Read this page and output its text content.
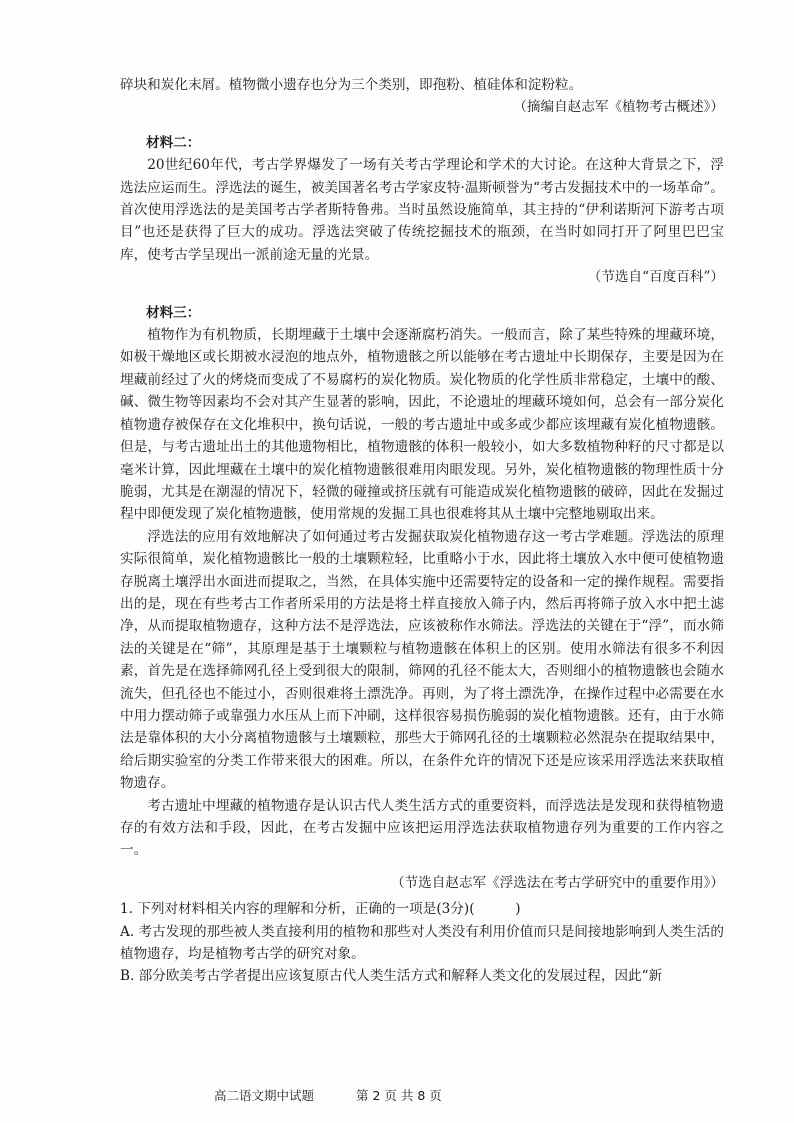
碎块和炭化末屑。植物微小遗存也分为三个类别，即孢粉、植硅体和淀粉粒。

（摘编自赵志军《植物考古概述》）

材料二：

20世纪60年代，考古学界爆发了一场有关考古学理论和学术的大讨论。在这种大背景之下，浮选法应运而生。浮选法的诞生，被美国著名考古学家皮特·温斯顿誉为“考古发掘技术中的一场革命”。首次使用浮选法的是美国考古学者斯特鲁弗。当时虽然设施简单，其主持的“伊利诺斯河下游考古项目”也还是获得了巨大的成功。浮选法突破了传统挖掘技术的瓶颈，在当时如同打开了阿里巴巴宝库，使考古学呈现出一派前途无量的光景。

（节选自“百度百科”）

材料三：

植物作为有机物质，长期埋藏于土壤中会逐渐腐朽消失。一般而言，除了某些特殊的埋藏环境，如极干燥地区或长期被水浸泡的地点外，植物遗骸之所以能够在考古遗址中长期保存，主要是因为在埋藏前经过了火的烤烧而变成了不易腐朽的炭化物质。炭化物质的化学性质非常稳定，土壤中的酸、碱、微生物等因素均不会对其产生显著的影响，因此，不论遗址的埋藏环境如何，总会有一部分炭化植物遗存被保存在文化堆积中，换句话说，一般的考古遗址中或多或少都应该埋藏有炭化植物遗骸。但是，与考古遗址出土的其他遗物相比，植物遗骸的体积一般较小，如大多数植物种籽的尺寸都是以毫米计算，因此埋藏在土壤中的炭化植物遗骸很难用肉眼发现。另外，炭化植物遗骸的物理性质十分脆弱，尤其是在潮湿的情况下，轻微的碰撞或挤压就有可能造成炭化植物遗骸的破碎，因此在发掘过程中即便发现了炭化植物遗骸，使用常规的发掘工具也很难将其从土壤中完整地剔取出来。

浮选法的应用有效地解决了如何通过考古发掘获取炭化植物遗存这一考古学难题。浮选法的原理实际很简单，炭化植物遗骸比一般的土壤颗粒轻，比重略小于水，因此将土壤放入水中便可使植物遗存脱离土壤浮出水面进而提取之，当然，在具体实施中还需要特定的设备和一定的操作规程。需要指出的是，现在有些考古工作者所采用的方法是将土样直接放入筛子内，然后再将筛子放入水中把土滤净，从而提取植物遗存，这种方法不是浮选法，应该被称作水筛法。浮选法的关键在于“浮”，而水筛法的关键是在“筛”，其原理是基于土壤颗粒与植物遗骸在体积上的区别。使用水筛法有很多不利因素，首先是在选择筛网孔径上受到很大的限制，筛网的孔径不能太大，否则细小的植物遗骸也会随水流失，但孔径也不能过小，否则很难将土漂洗净。再则，为了将土漂洗净，在操作过程中必需要在水中用力摆动筛子或靠强力水压从上而下冲刷，这样很容易损伤脆弱的炭化植物遗骸。还有，由于水筛法是靠体积的大小分离植物遗骸与土壤颗粒，那些大于筛网孔径的土壤颗粒必然混杂在提取结果中，给后期实验室的分类工作带来很大的困难。所以，在条件允许的情况下还是应该采用浮选法来获取植物遗存。

考古遗址中埋藏的植物遗存是认识古代人类生活方式的重要资料，而浮选法是发现和获得植物遗存的有效方法和手段，因此，在考古发掘中应该把运用浮选法获取植物遗存列为重要的工作内容之一。

（节选自赵志军《浮选法在考古学研究中的重要作用》）

1. 下列对材料相关内容的理解和分析，正确的一项是(3分)(　　　)

A. 考古发现的那些被人类直接利用的植物和那些对人类没有利用价值而只是间接地影响到人类生活的植物遗存，均是植物考古学的研究对象。

B. 部分欧美考古学者提出应该复原古代人类生活方式和解释人类文化的发展过程，因此“新

高二语文期中试题	第 2 页 共 8 页
